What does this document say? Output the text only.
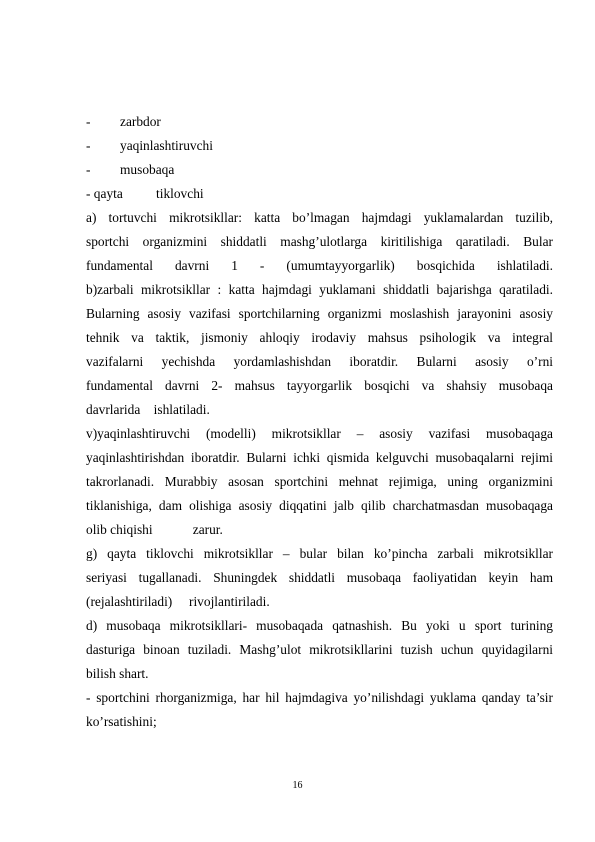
- zarbdor
- yaqinlashtiruvchi
- musobaqa
- qayta tiklovchi

a) tortuvchi mikrotsikllar: katta bo’lmagan hajmdagi yuklamalardan tuzilib,

sportchi organizmini shiddatli mashg’ulotlarga kiritilishiga qaratiladi. Bular

fundamental davrni 1 - (umumtayyorgarlik) bosqichida ishlatiladi.

b)zarbali mikrotsikllar : katta hajmdagi yuklamani shiddatli bajarishga qaratiladi.

Bularning asosiy vazifasi sportchilarning organizmi moslashish jarayonini asosiy

tehnik va taktik, jismoniy ahloqiy irodaviy mahsus psihologik va integral

vazifalarni yechishda yordamlashishdan iboratdir. Bularni asosiy o’rni

fundamental davrni 2- mahsus tayyorgarlik bosqichi va shahsiy musobaqa

davrlarida    ishlatiladi.

v)yaqinlashtiruvchi (modelli) mikrotsikllar – asosiy vazifasi musobaqaga

yaqinlashtirishdan iboratdir. Bularni ichki qismida kelguvchi musobaqalarni rejimi

takrorlanadi. Murabbiy asosan sportchini mehnat rejimiga, uning organizmini

tiklanishiga, dam olishiga asosiy diqqatini jalb qilib charchatmasdan musobaqaga

olib chiqishi            zarur.

g) qayta tiklovchi mikrotsikllar – bular bilan ko’pincha zarbali mikrotsikllar

seriyasi tugallanadi. Shuningdek shiddatli musobaqa faoliyatidan keyin ham

(rejalashtiriladi)     rivojlantiriladi.

d) musobaqa mikrotsikllari- musobaqada qatnashish. Bu yoki u sport turining

dasturiga binoan tuziladi. Mashg’ulot mikrotsikllarini tuzish uchun quyidagilarni

bilish shart.

- sportchini rhorganizmiga, har hil hajmdagiva yo’nilishdagi yuklama qanday ta’sir

ko’rsatishini;

16
